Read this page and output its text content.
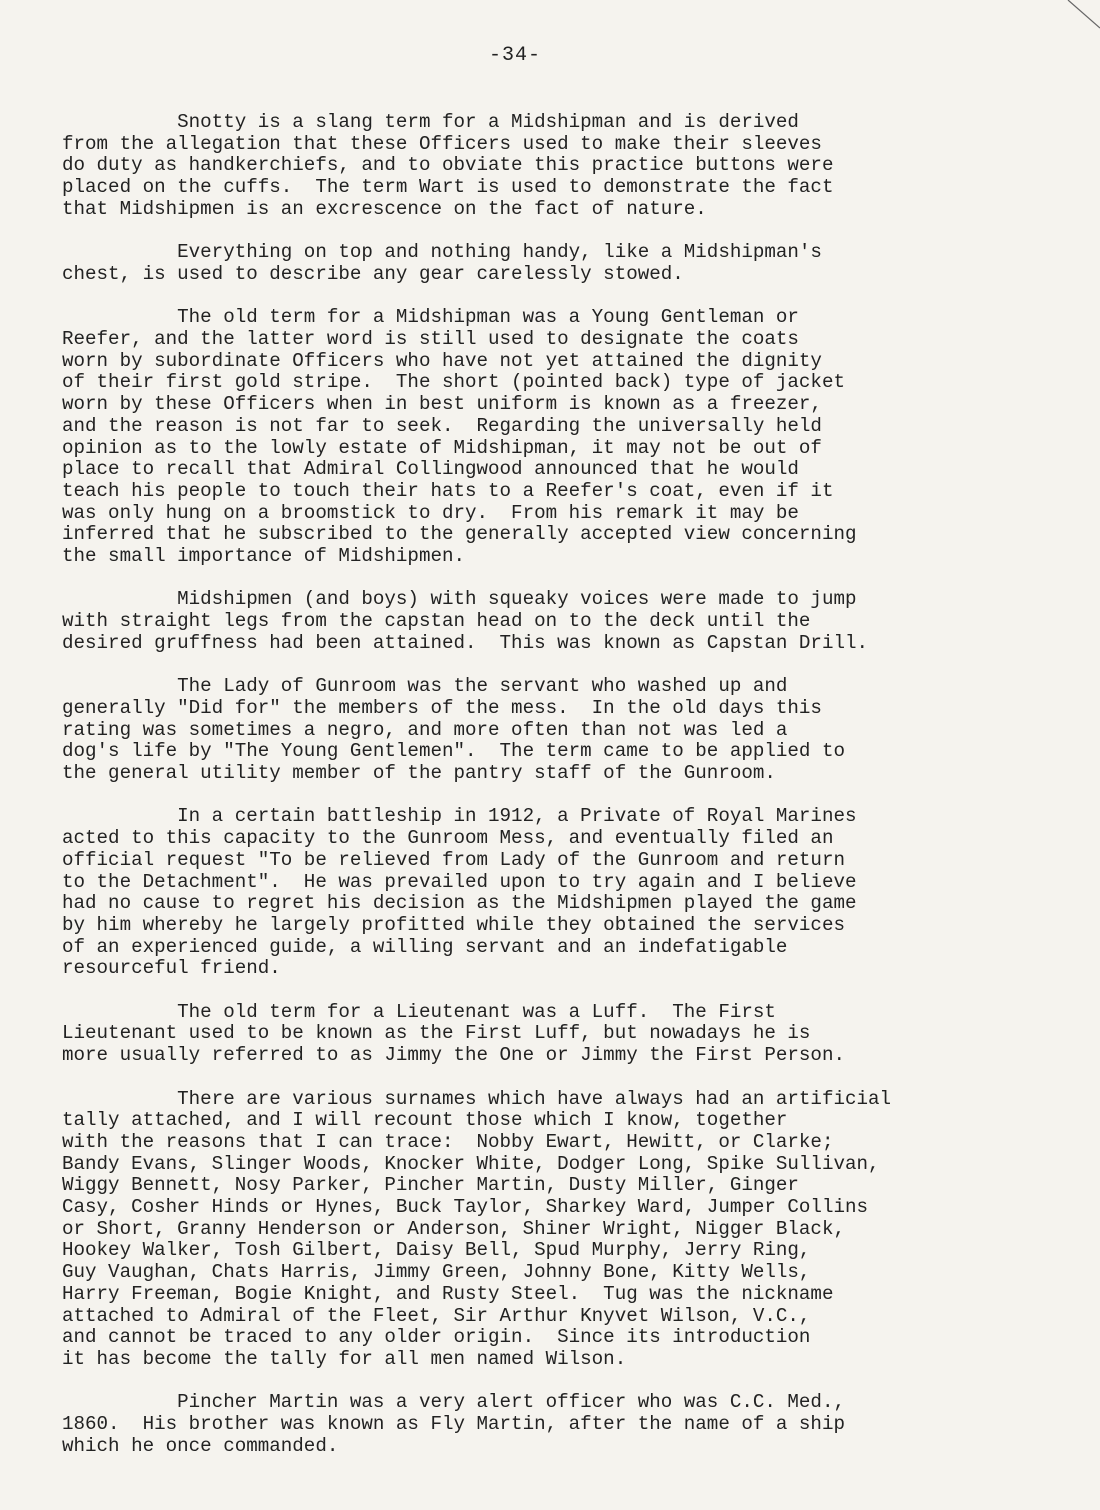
-34-
Snotty is a slang term for a Midshipman and is derived
from the allegation that these Officers used to make their sleeves
do duty as handkerchiefs, and to obviate this practice buttons were
placed on the cuffs.  The term Wart is used to demonstrate the fact
that Midshipmen is an excrescence on the fact of nature.
Everything on top and nothing handy, like a Midshipman's
chest, is used to describe any gear carelessly stowed.
The old term for a Midshipman was a Young Gentleman or
Reefer, and the latter word is still used to designate the coats
worn by subordinate Officers who have not yet attained the dignity
of their first gold stripe.  The short (pointed back) type of jacket
worn by these Officers when in best uniform is known as a freezer,
and the reason is not far to seek.  Regarding the universally held
opinion as to the lowly estate of Midshipman, it may not be out of
place to recall that Admiral Collingwood announced that he would
teach his people to touch their hats to a Reefer's coat, even if it
was only hung on a broomstick to dry.  From his remark it may be
inferred that he subscribed to the generally accepted view concerning
the small importance of Midshipmen.
Midshipmen (and boys) with squeaky voices were made to jump
with straight legs from the capstan head on to the deck until the
desired gruffness had been attained.  This was known as Capstan Drill.
The Lady of Gunroom was the servant who washed up and
generally "Did for" the members of the mess.  In the old days this
rating was sometimes a negro, and more often than not was led a
dog's life by "The Young Gentlemen".  The term came to be applied to
the general utility member of the pantry staff of the Gunroom.
In a certain battleship in 1912, a Private of Royal Marines
acted to this capacity to the Gunroom Mess, and eventually filed an
official request "To be relieved from Lady of the Gunroom and return
to the Detachment".  He was prevailed upon to try again and I believe
had no cause to regret his decision as the Midshipmen played the game
by him whereby he largely profitted while they obtained the services
of an experienced guide, a willing servant and an indefatigable
resourceful friend.
The old term for a Lieutenant was a Luff.  The First
Lieutenant used to be known as the First Luff, but nowadays he is
more usually referred to as Jimmy the One or Jimmy the First Person.
There are various surnames which have always had an artificial
tally attached, and I will recount those which I know, together
with the reasons that I can trace:  Nobby Ewart, Hewitt, or Clarke;
Bandy Evans, Slinger Woods, Knocker White, Dodger Long, Spike Sullivan,
Wiggy Bennett, Nosy Parker, Pincher Martin, Dusty Miller, Ginger
Casy, Cosher Hinds or Hynes, Buck Taylor, Sharkey Ward, Jumper Collins
or Short, Granny Henderson or Anderson, Shiner Wright, Nigger Black,
Hookey Walker, Tosh Gilbert, Daisy Bell, Spud Murphy, Jerry Ring,
Guy Vaughan, Chats Harris, Jimmy Green, Johnny Bone, Kitty Wells,
Harry Freeman, Bogie Knight, and Rusty Steel.  Tug was the nickname
attached to Admiral of the Fleet, Sir Arthur Knyvet Wilson, V.C.,
and cannot be traced to any older origin.  Since its introduction
it has become the tally for all men named Wilson.
Pincher Martin was a very alert officer who was C.C. Med.,
1860.  His brother was known as Fly Martin, after the name of a ship
which he once commanded.
